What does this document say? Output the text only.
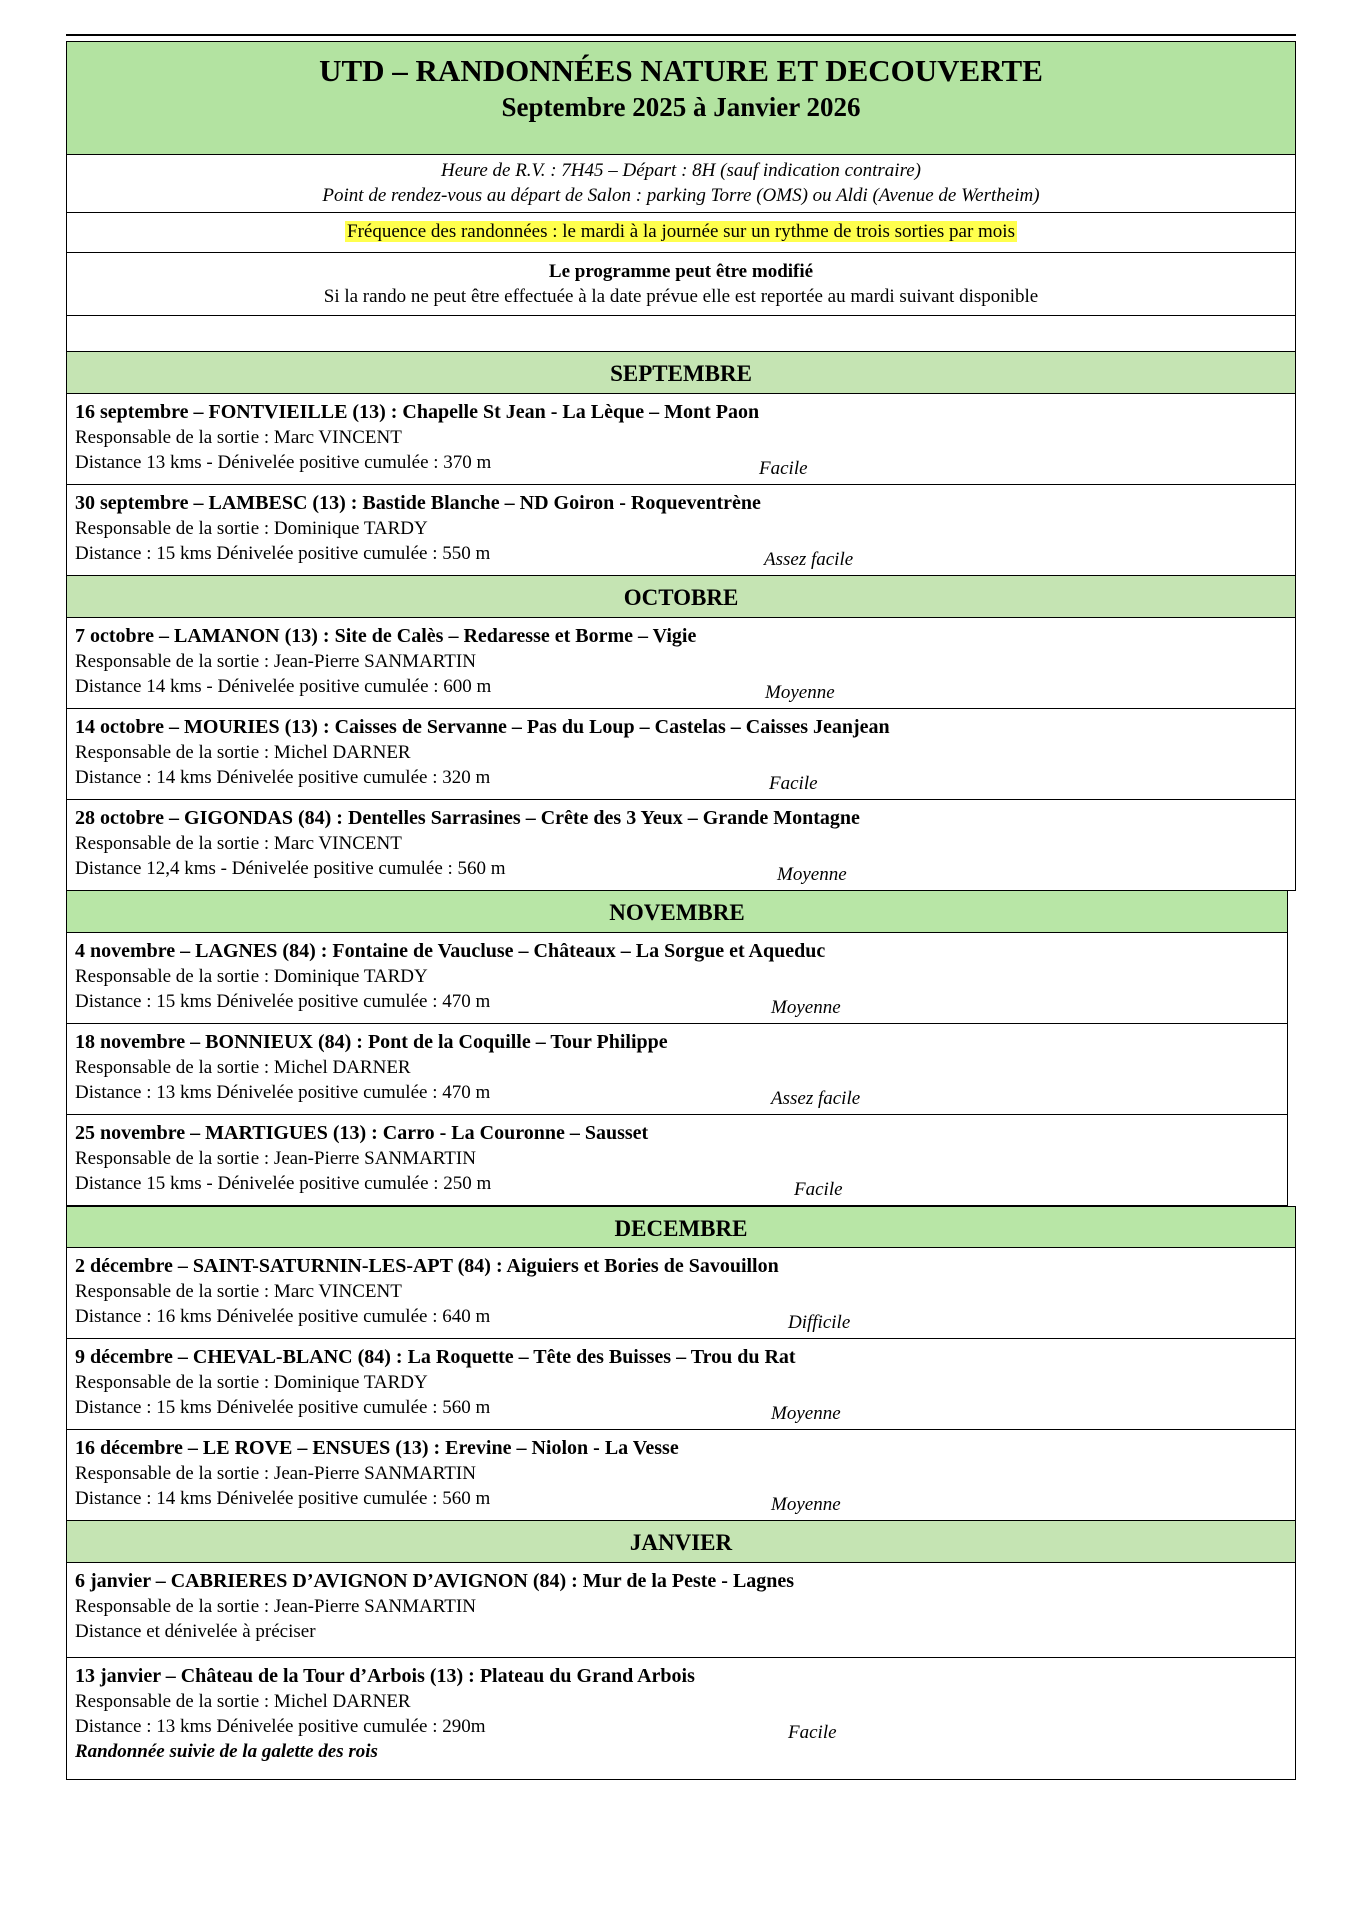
UTD – RANDONNÉES NATURE ET DECOUVERTE
Septembre 2025 à Janvier 2026
Heure de R.V. : 7H45 – Départ : 8H (sauf indication contraire)
Point de rendez-vous au départ de Salon : parking Torre (OMS) ou Aldi (Avenue de Wertheim)
Fréquence des randonnées : le mardi à la journée sur un rythme de trois sorties par mois
Le programme peut être modifié
Si la rando ne peut être effectuée à la date prévue elle est reportée au mardi suivant disponible
SEPTEMBRE
16 septembre – FONTVIEILLE (13) : Chapelle St Jean - La Lèque – Mont Paon
Responsable de la sortie : Marc VINCENT
Distance 13 kms - Dénivelée positive cumulée : 370 m	Facile
30 septembre – LAMBESC (13) : Bastide Blanche – ND Goiron - Roqueventrène
Responsable de la sortie : Dominique TARDY
Distance : 15 kms Dénivelée positive cumulée : 550 m	Assez facile
OCTOBRE
7 octobre – LAMANON (13) : Site de Calès – Redaresse et Borme – Vigie
Responsable de la sortie : Jean-Pierre SANMARTIN
Distance 14 kms - Dénivelée positive cumulée : 600 m	Moyenne
14 octobre – MOURIES (13) : Caisses de Servanne – Pas du Loup – Castelas – Caisses Jeanjean
Responsable de la sortie : Michel DARNER
Distance : 14 kms Dénivelée positive cumulée : 320 m	Facile
28 octobre – GIGONDAS (84) : Dentelles Sarrasines – Crête des 3 Yeux – Grande Montagne
Responsable de la sortie : Marc VINCENT
Distance 12,4 kms - Dénivelée positive cumulée : 560 m	Moyenne
NOVEMBRE
4 novembre – LAGNES (84) : Fontaine de Vaucluse – Châteaux – La Sorgue et Aqueduc
Responsable de la sortie : Dominique TARDY
Distance : 15 kms Dénivelée positive cumulée : 470 m	Moyenne
18 novembre – BONNIEUX (84) : Pont de la Coquille – Tour Philippe
Responsable de la sortie : Michel DARNER
Distance : 13 kms Dénivelée positive cumulée : 470 m	Assez facile
25 novembre – MARTIGUES (13) : Carro - La Couronne – Sausset
Responsable de la sortie : Jean-Pierre SANMARTIN
Distance 15 kms - Dénivelée positive cumulée : 250 m	Facile
DECEMBRE
2 décembre – SAINT-SATURNIN-LES-APT (84) : Aiguiers et Bories de Savouillon
Responsable de la sortie : Marc VINCENT
Distance : 16 kms Dénivelée positive cumulée : 640 m	Difficile
9 décembre – CHEVAL-BLANC (84) : La Roquette – Tête des Buisses – Trou du Rat
Responsable de la sortie : Dominique TARDY
Distance : 15 kms Dénivelée positive cumulée : 560 m	Moyenne
16 décembre – LE ROVE – ENSUES (13) : Erevine – Niolon - La Vesse
Responsable de la sortie : Jean-Pierre SANMARTIN
Distance : 14 kms Dénivelée positive cumulée : 560 m	Moyenne
JANVIER
6 janvier – CABRIERES D’AVIGNON D’AVIGNON (84) : Mur de la Peste - Lagnes
Responsable de la sortie : Jean-Pierre SANMARTIN
Distance et dénivelée à préciser
13 janvier – Château de la Tour d’Arbois (13) : Plateau du Grand Arbois
Responsable de la sortie : Michel DARNER
Distance : 13 kms Dénivelée positive cumulée : 290m	Facile
Randonnée suivie de la galette des rois
